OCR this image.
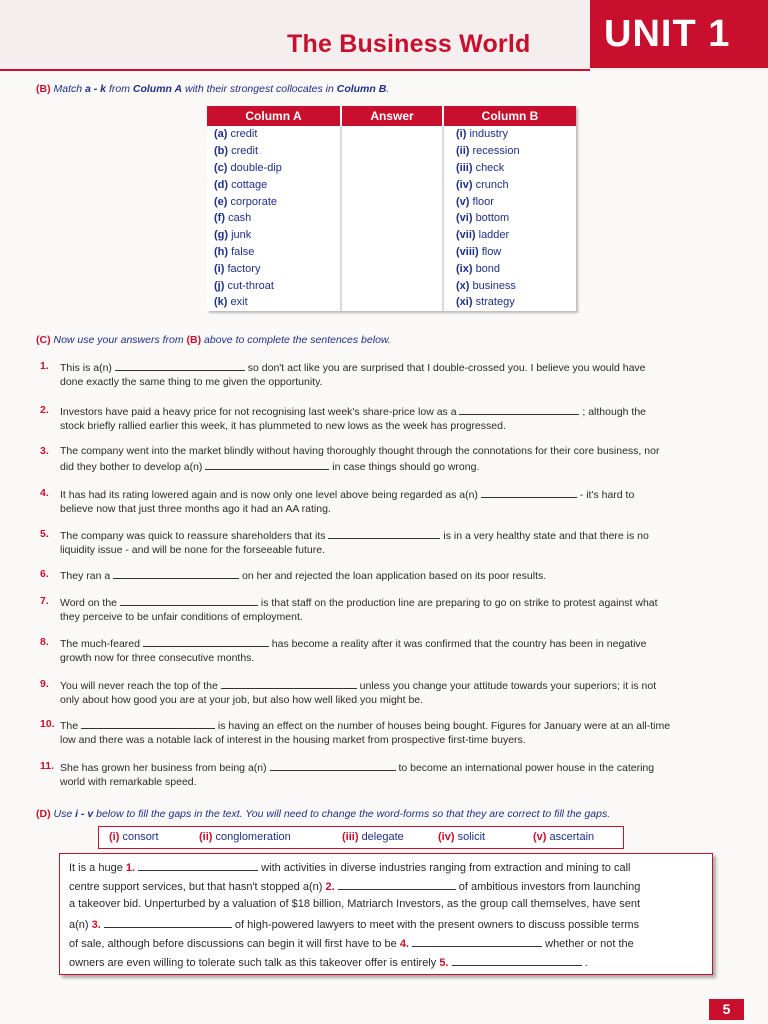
The Business World UNIT 1
(B) Match a - k from Column A with their strongest collocates in Column B.
Column A	Answer	Column B
(a) credit		(i) industry
(b) credit		(ii) recession
(c) double-dip		(iii) check
(d) cottage		(iv) crunch
(e) corporate		(v) floor
(f) cash		(vi) bottom
(g) junk		(vii) ladder
(h) false		(viii) flow
(i) factory		(ix) bond
(j) cut-throat		(x) business
(k) exit		(xi) strategy
(C) Now use your answers from (B) above to complete the sentences below.
1. This is a(n)	so don't act like you are surprised that I double-crossed you. I believe you would have
done exactly the same thing to me given the opportunity.
2. Investors have paid a heavy price for not recognising last week's share-price low as a	; although the
stock briefly rallied earlier this week, it has plummeted to new lows as the week has progressed.
3. The company went into the market blindly without having thoroughly thought through the connotations for their core business, nor
did they bother to develop a(n)	in case things should go wrong.
4. It has had its rating lowered again and is now only one level above being regarded as a(n)	- it's hard to
believe now that just three months ago it had an AA rating.
5. The company was quick to reassure shareholders that its	is in a very healthy state and that there is no
liquidity issue - and will be none for the forseeable future.
6. They ran a	on her and rejected the loan application based on its poor results.
7. Word on the	is that staff on the production line are preparing to go on strike to protest against what
they perceive to be unfair conditions of employment.
8. The much-feared	has become a reality after it was confirmed that the country has been in negative
growth now for three consecutive months.
9. You will never reach the top of the	unless you change your attitude towards your superiors; it is not
only about how good you are at your job, but also how well liked you might be.
10. The	is having an effect on the number of houses being bought. Figures for January were at an all-time
low and there was a notable lack of interest in the housing market from prospective first-time buyers.
11. She has grown her business from being a(n)	to become an international power house in the catering
world with remarkable speed.
(D) Use i - v below to fill the gaps in the text. You will need to change the word-forms so that they are correct to fill the gaps.
(i) consort	(ii) conglomeration	(iii) delegate	(iv) solicit	(v) ascertain
It is a huge 1.	with activities in diverse industries ranging from extraction and mining to call
centre support services, but that hasn't stopped a(n) 2.	of ambitious investors from launching
a takeover bid. Unperturbed by a valuation of $18 billion, Matriarch Investors, as the group call themselves, have sent
a(n) 3.	of high-powered lawyers to meet with the present owners to discuss possible terms
of sale, although before discussions can begin it will first have to be 4.	whether or not the
owners are even willing to tolerate such talk as this takeover offer is entirely 5.	.
5
